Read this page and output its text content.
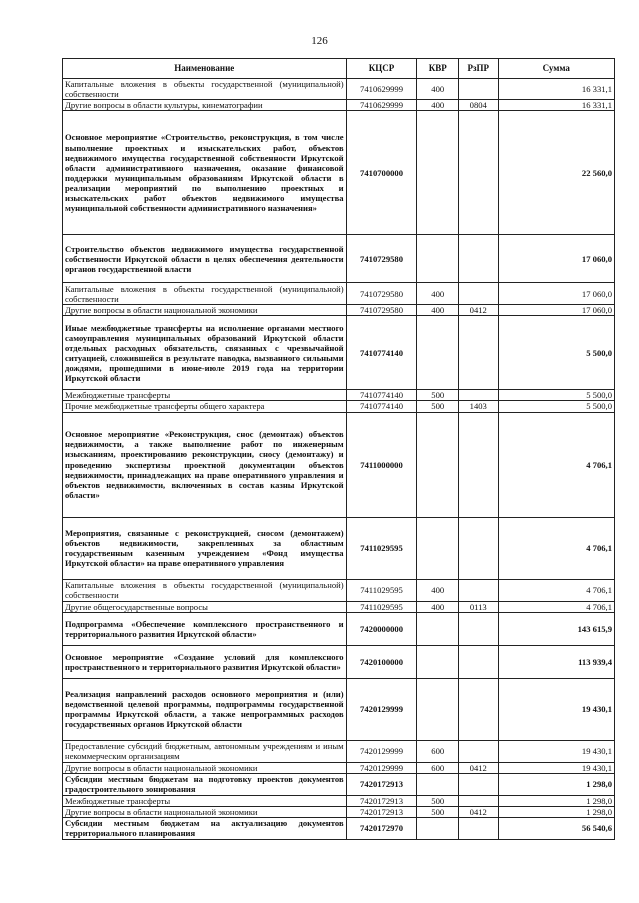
126
Наименование	КЦСР	КВР	РзПР	Сумма
Капитальные вложения в объекты государственной (муниципальной) собственности	7410629999	400		16 331,1
Другие вопросы в области культуры, кинематографии	7410629999	400	0804	16 331,1
Основное мероприятие «Строительство, реконструкция, в том числе выполнение проектных и изыскательских работ, объектов недвижимого имущества государственной собственности Иркутской области административного назначения, оказание финансовой поддержки муниципальным образованиям Иркутской области в реализации мероприятий по выполнению проектных и изыскательских работ объектов недвижимого имущества муниципальной собственности административного назначения»	7410700000			22 560,0
Строительство объектов недвижимого имущества государственной собственности Иркутской области в целях обеспечения деятельности органов государственной власти	7410729580			17 060,0
Капитальные вложения в объекты государственной (муниципальной) собственности	7410729580	400		17 060,0
Другие вопросы в области национальной экономики	7410729580	400	0412	17 060,0
Иные межбюджетные трансферты на исполнение органами местного самоуправления муниципальных образований Иркутской области отдельных расходных обязательств, связанных с чрезвычайной ситуацией, сложившейся в результате паводка, вызванного сильными дождями, прошедшими в июне-июле 2019 года на территории Иркутской области	7410774140			5 500,0
Межбюджетные трансферты	7410774140	500		5 500,0
Прочие межбюджетные трансферты общего характера	7410774140	500	1403	5 500,0
Основное мероприятие «Реконструкция, снос (демонтаж) объектов недвижимости, а также выполнение работ по инженерным изысканиям, проектированию реконструкции, сносу (демонтажу) и проведению экспертизы проектной документации объектов недвижимости, принадлежащих на праве оперативного управления и объектов недвижимости, включенных в состав казны Иркутской области»	7411000000			4 706,1
Мероприятия, связанные с реконструкцией, сносом (демонтажем) объектов недвижимости, закрепленных за областным государственным казенным учреждением «Фонд имущества Иркутской области» на праве оперативного управления	7411029595			4 706,1
Капитальные вложения в объекты государственной (муниципальной) собственности	7411029595	400		4 706,1
Другие общегосударственные вопросы	7411029595	400	0113	4 706,1
Подпрограмма «Обеспечение комплексного пространственного и территориального развития Иркутской области»	7420000000			143 615,9
Основное мероприятие «Создание условий для комплексного пространственного и территориального развития Иркутской области»	7420100000			113 939,4
Реализация направлений расходов основного мероприятия и (или) ведомственной целевой программы, подпрограммы государственной программы Иркутской области, а также непрограммных расходов государственных органов Иркутской области	7420129999			19 430,1
Предоставление субсидий бюджетным, автономным учреждениям и иным некоммерческим организациям	7420129999	600		19 430,1
Другие вопросы в области национальной экономики	7420129999	600	0412	19 430,1
Субсидии местным бюджетам на подготовку проектов документов градостроительного зонирования	7420172913			1 298,0
Межбюджетные трансферты	7420172913	500		1 298,0
Другие вопросы в области национальной экономики	7420172913	500	0412	1 298,0
Субсидии местным бюджетам на актуализацию документов территориального планирования	7420172970			56 540,6
